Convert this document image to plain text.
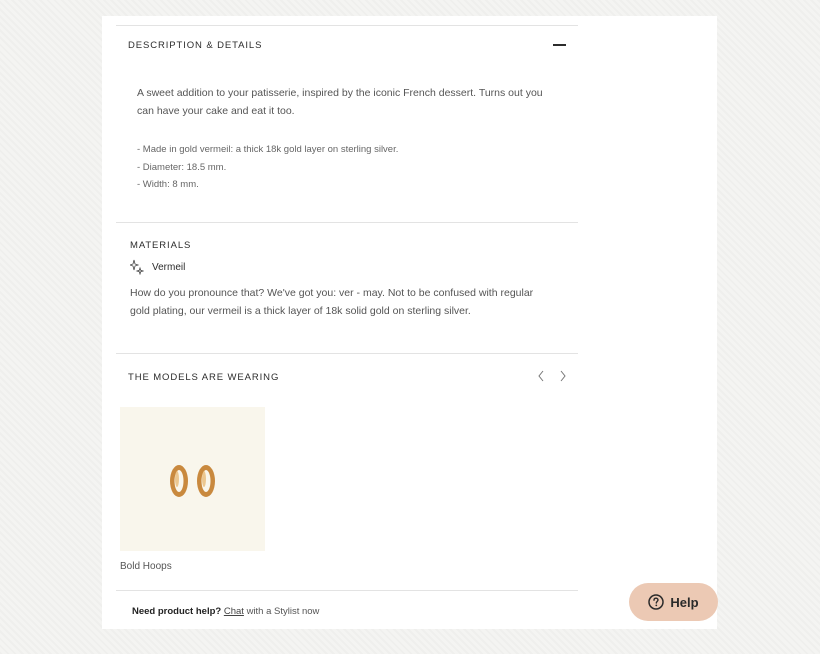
DESCRIPTION & DETAILS
A sweet addition to your patisserie, inspired by the iconic French dessert. Turns out you
can have your cake and eat it too.
- Made in gold vermeil: a thick 18k gold layer on sterling silver.
- Diameter: 18.5 mm.
- Width: 8 mm.
MATERIALS
Vermeil
How do you pronounce that? We've got you: ver - may. Not to be confused with regular
gold plating, our vermeil is a thick layer of 18k solid gold on sterling silver.
THE MODELS ARE WEARING
Bold Hoops
Need product help? Chat with a Stylist now
Help
